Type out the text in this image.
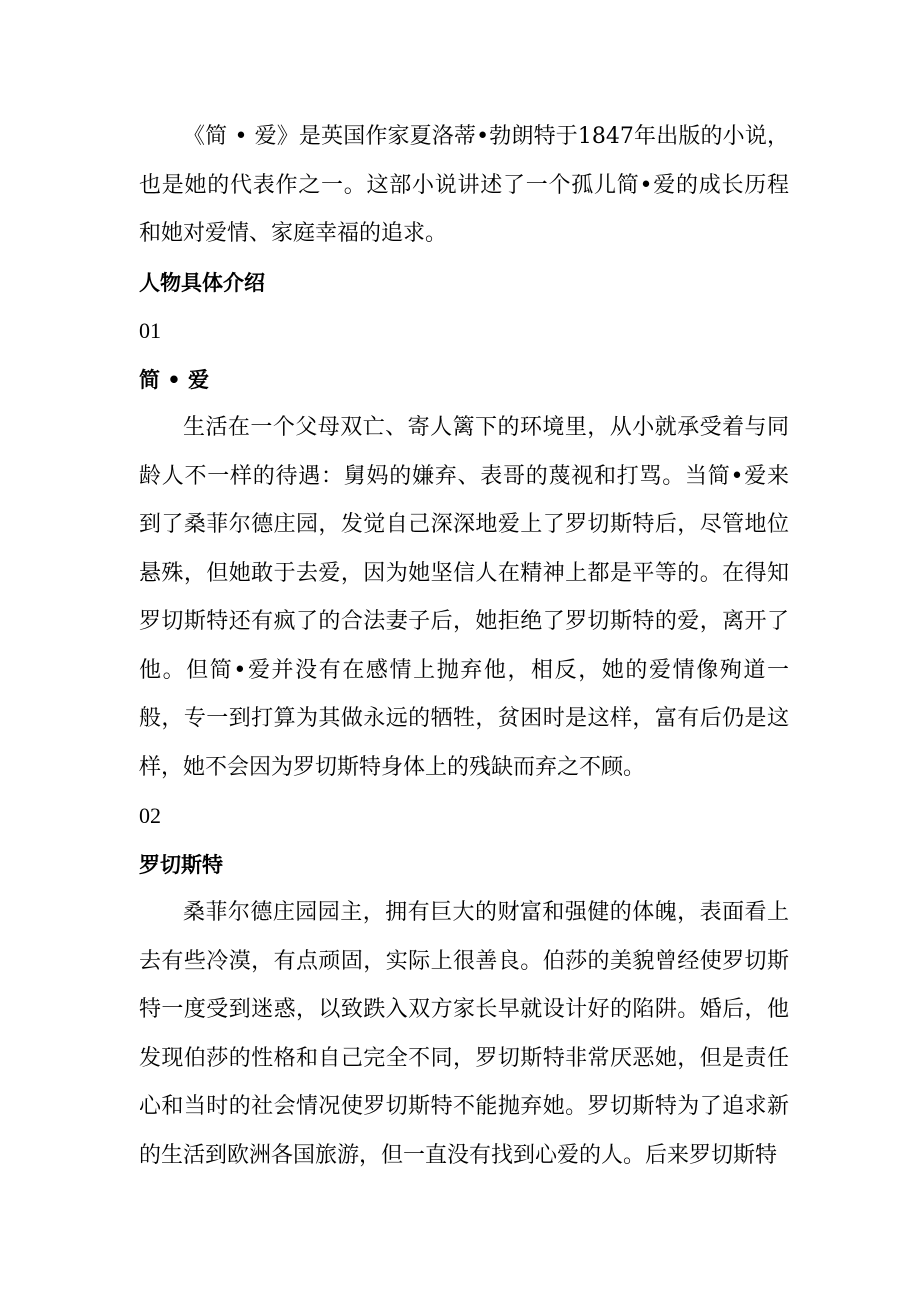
《简 • 爱》是英国作家夏洛蒂•勃朗特于1847年出版的小说，也是她的代表作之一。这部小说讲述了一个孤儿简•爱的成长历程和她对爱情、家庭幸福的追求。

人物具体介绍

01

简 • 爱

生活在一个父母双亡、寄人篱下的环境里，从小就承受着与同龄人不一样的待遇：舅妈的嫌弃、表哥的蔑视和打骂。当简•爱来到了桑菲尔德庄园，发觉自己深深地爱上了罗切斯特后，尽管地位悬殊，但她敢于去爱，因为她坚信人在精神上都是平等的。在得知罗切斯特还有疯了的合法妻子后，她拒绝了罗切斯特的爱，离开了他。但简•爱并没有在感情上抛弃他，相反，她的爱情像殉道一般，专一到打算为其做永远的牺牲，贫困时是这样，富有后仍是这样，她不会因为罗切斯特身体上的残缺而弃之不顾。

02

罗切斯特

桑菲尔德庄园园主，拥有巨大的财富和强健的体魄，表面看上去有些冷漠，有点顽固，实际上很善良。伯莎的美貌曾经使罗切斯特一度受到迷惑，以致跌入双方家长早就设计好的陷阱。婚后，他发现伯莎的性格和自己完全不同，罗切斯特非常厌恶她，但是责任心和当时的社会情况使罗切斯特不能抛弃她。罗切斯特为了追求新的生活到欧洲各国旅游，但一直没有找到心爱的人。后来罗切斯特
